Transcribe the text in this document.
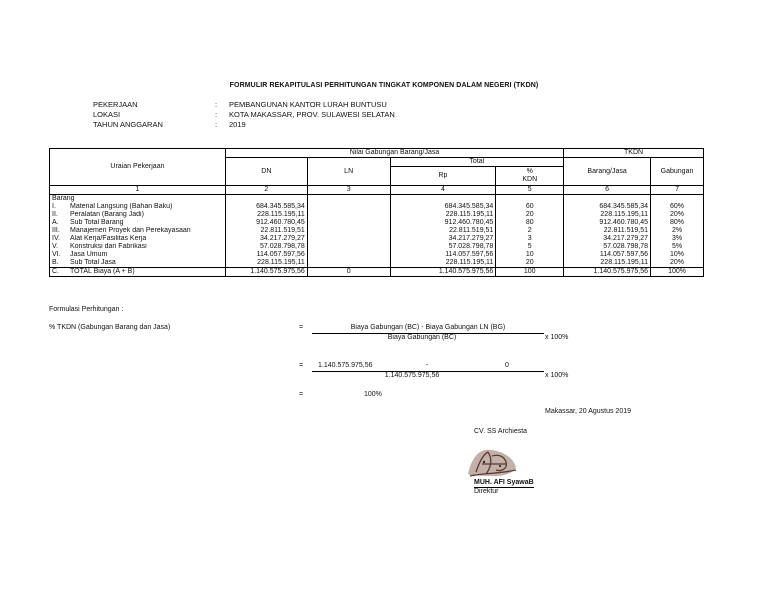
FORMULIR REKAPITULASI PERHITUNGAN TINGKAT KOMPONEN DALAM NEGERI (TKDN)
PEKERJAAN	: PEMBANGUNAN KANTOR LURAH BUNTUSU
LOKASI	: KOTA MAKASSAR, PROV. SULAWESI SELATAN
TAHUN ANGGARAN	: 2019
Uraian Pekerjaan	Nilai Gabungan Barang/Jasa				TKDN	
	DN	LN	Total		Barang/Jasa	Gabungan
			Rp	%
KDN		

1	2	3	4	5	6	7
Barang						
I. Material Langsung (Bahan Baku)	684.345.585,34		684.345.585,34	60	684.345.585,34	60%
II. Peralatan (Barang Jadi)	228.115.195,11		228.115.195,11	20	228.115.195,11	20%
A. Sub Total Barang	912.460.780,45		912.460.780,45	80	912.460.780,45	80%
III. Manajemen Proyek dan Perekayasaan	22.811.519,51		22.811.519,51	2	22.811.519,51	2%
IV. Alat Kerja/Fasilitas Kerja	34.217.279,27		34.217.279,27	3	34.217.279,27	3%
V. Konstruksi dan Fabrikasi	57.028.798,78		57.028.798,78	5	57.028.798,78	5%
VI. Jasa Umum	114.057.597,56		114.057.597,56	10	114.057.597,56	10%
B. Sub Total Jasa	228.115.195,11		228.115.195,11	20	228.115.195,11	20%
C. TOTAL Biaya (A + B)	1.140.575.975,56	0	1.140.575.975,56	100	1.140.575.975,56	100%
Formulasi Perhitungan :
% TKDN (Gabungan Barang dan Jasa)	=	Biaya Gabungan (BC) - Biaya Gabungan LN (BG)
Biaya Gabungan (BC)	x 100%
= 1.140.575.975,56	-	0
1.140.575.975,56	x 100%
=	100%
Makassar, 20 Agustus 2019
CV. SS Archiesta
MUH. AFI SyawaB
Direktur
